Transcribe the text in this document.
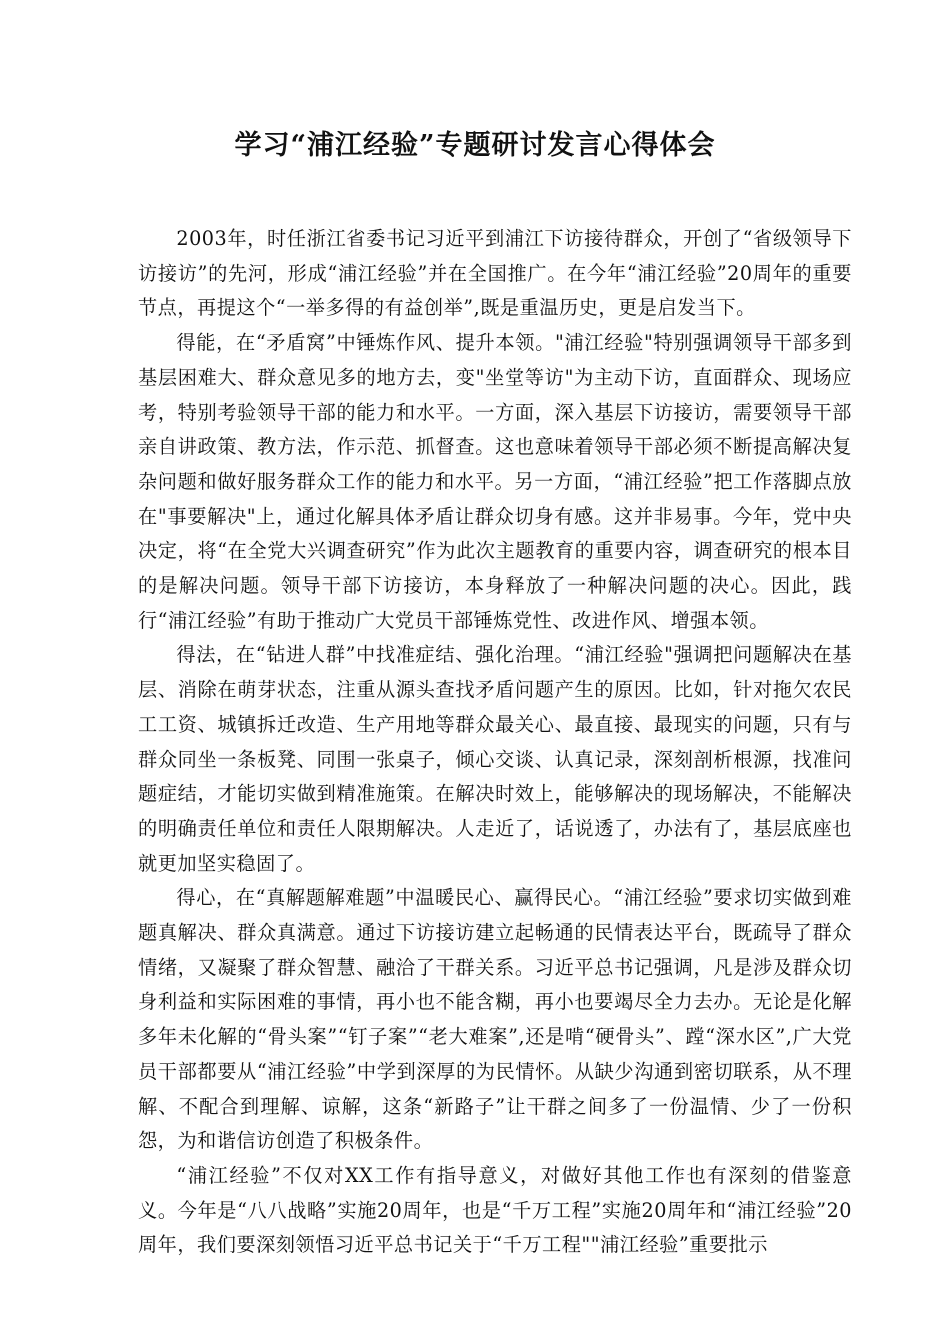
学习“浦江经验”专题研讨发言心得体会

2003年，时任浙江省委书记习近平到浦江下访接待群众，开创了“省级领导下访接访”的先河，形成“浦江经验”并在全国推广。在今年“浦江经验”20周年的重要节点，再提这个“一举多得的有益创举”,既是重温历史，更是启发当下。

得能，在“矛盾窝”中锤炼作风、提升本领。"浦江经验"特别强调领导干部多到基层困难大、群众意见多的地方去，变"坐堂等访"为主动下访，直面群众、现场应考，特别考验领导干部的能力和水平。一方面，深入基层下访接访，需要领导干部亲自讲政策、教方法，作示范、抓督查。这也意味着领导干部必须不断提高解决复杂问题和做好服务群众工作的能力和水平。另一方面，“浦江经验”把工作落脚点放在"事要解决"上，通过化解具体矛盾让群众切身有感。这并非易事。今年，党中央决定，将“在全党大兴调查研究”作为此次主题教育的重要内容，调查研究的根本目的是解决问题。领导干部下访接访，本身释放了一种解决问题的决心。因此，践行“浦江经验”有助于推动广大党员干部锤炼党性、改进作风、增强本领。

得法，在“钻进人群”中找准症结、强化治理。“浦江经验"强调把问题解决在基层、消除在萌芽状态，注重从源头查找矛盾问题产生的原因。比如，针对拖欠农民工工资、城镇拆迁改造、生产用地等群众最关心、最直接、最现实的问题，只有与群众同坐一条板凳、同围一张桌子，倾心交谈、认真记录，深刻剖析根源，找准问题症结，才能切实做到精准施策。在解决时效上，能够解决的现场解决，不能解决的明确责任单位和责任人限期解决。人走近了，话说透了，办法有了，基层底座也就更加坚实稳固了。

得心，在“真解题解难题”中温暖民心、赢得民心。“浦江经验”要求切实做到难题真解决、群众真满意。通过下访接访建立起畅通的民情表达平台，既疏导了群众情绪，又凝聚了群众智慧、融洽了干群关系。习近平总书记强调，凡是涉及群众切身利益和实际困难的事情，再小也不能含糊，再小也要竭尽全力去办。无论是化解多年未化解的“骨头案”“钉子案”“老大难案”,还是啃“硬骨头”、蹚“深水区”,广大党员干部都要从“浦江经验”中学到深厚的为民情怀。从缺少沟通到密切联系，从不理解、不配合到理解、谅解，这条“新路子”让干群之间多了一份温情、少了一份积怨，为和谐信访创造了积极条件。

“浦江经验”不仅对XX工作有指导意义，对做好其他工作也有深刻的借鉴意义。今年是“八八战略”实施20周年，也是“千万工程”实施20周年和“浦江经验”20周年，我们要深刻领悟习近平总书记关于“千万工程""浦江经验”重要批示
